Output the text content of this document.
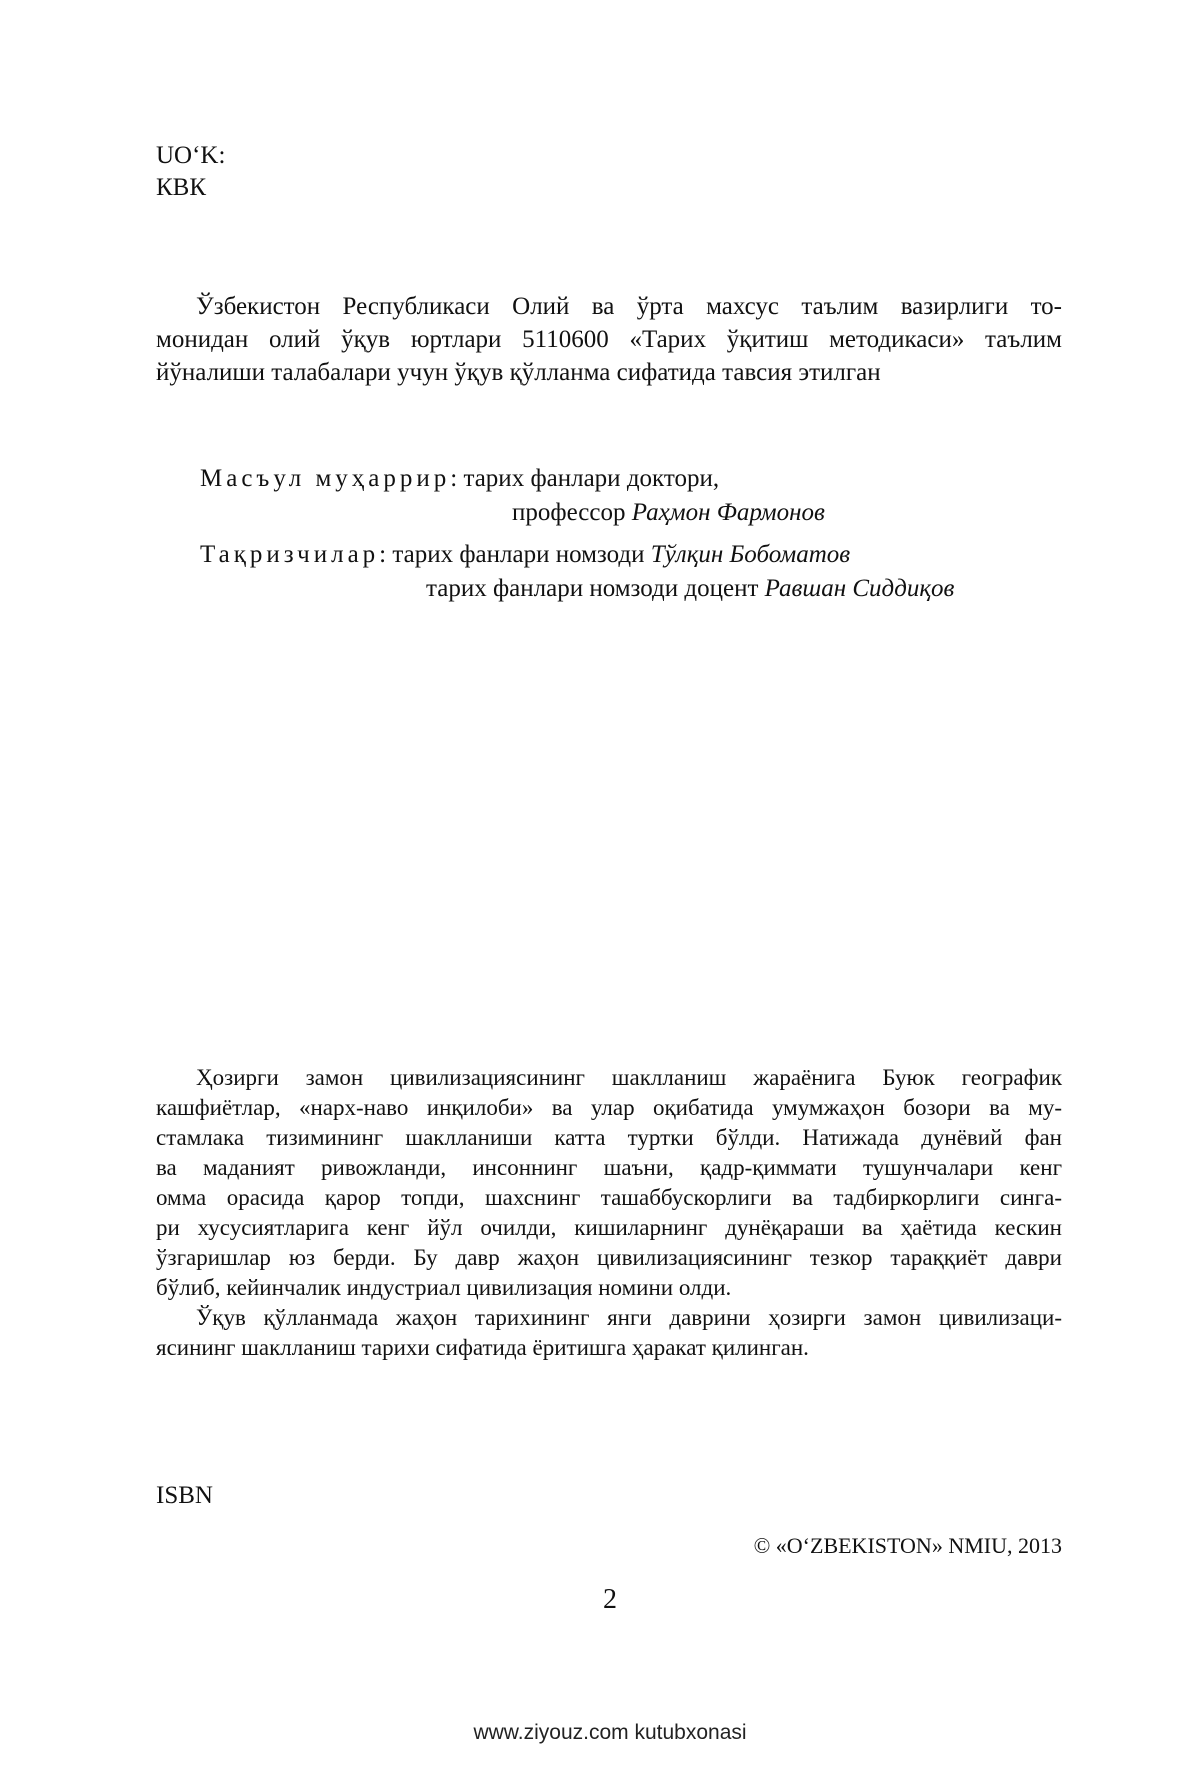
UO‘K:
КВК
Ўзбекистон Республикаси Олий ва ўрта махсус таълим вазирлиги то-
монидан олий ўқув юртлари 5110600 «Тарих ўқитиш методикаси» таълим
йўналиши талабалари учун ўқув қўлланма сифатида тавсия этилган
Масъул муҳаррир: тарих фанлари доктори,
профессор Раҳмон Фармонов
Тақризчилар: тарих фанлари номзоди Тўлқин Бобоматов
тарих фанлари номзоди доцент Равшан Сиддиқов
Ҳозирги замон цивилизациясининг шаклланиш жараёнига Буюк географик
кашфиётлар, «нарх-наво инқилоби» ва улар оқибатида умумжаҳон бозори ва му-
стамлака тизимининг шаклланиши катта туртки бўлди. Натижада дунёвий фан
ва маданият ривожланди, инсоннинг шаъни, қадр-қиммати тушунчалари кенг
омма орасида қарор топди, шахснинг ташаббускорлиги ва тадбиркорлиги синга-
ри хусусиятларига кенг йўл очилди, кишиларнинг дунёқараши ва ҳаётида кескин
ўзгаришлар юз берди. Бу давр жаҳон цивилизациясининг тезкор тараққиёт даври
бўлиб, кейинчалик индустриал цивилизация номини олди.
Ўқув қўлланмада жаҳон тарихининг янги даврини ҳозирги замон цивилизаци-
ясининг шаклланиш тарихи сифатида ёритишга ҳаракат қилинган.
ISBN
© «O‘ZBEKISTON» NMIU, 2013
2
www.ziyouz.com kutubxonasi
